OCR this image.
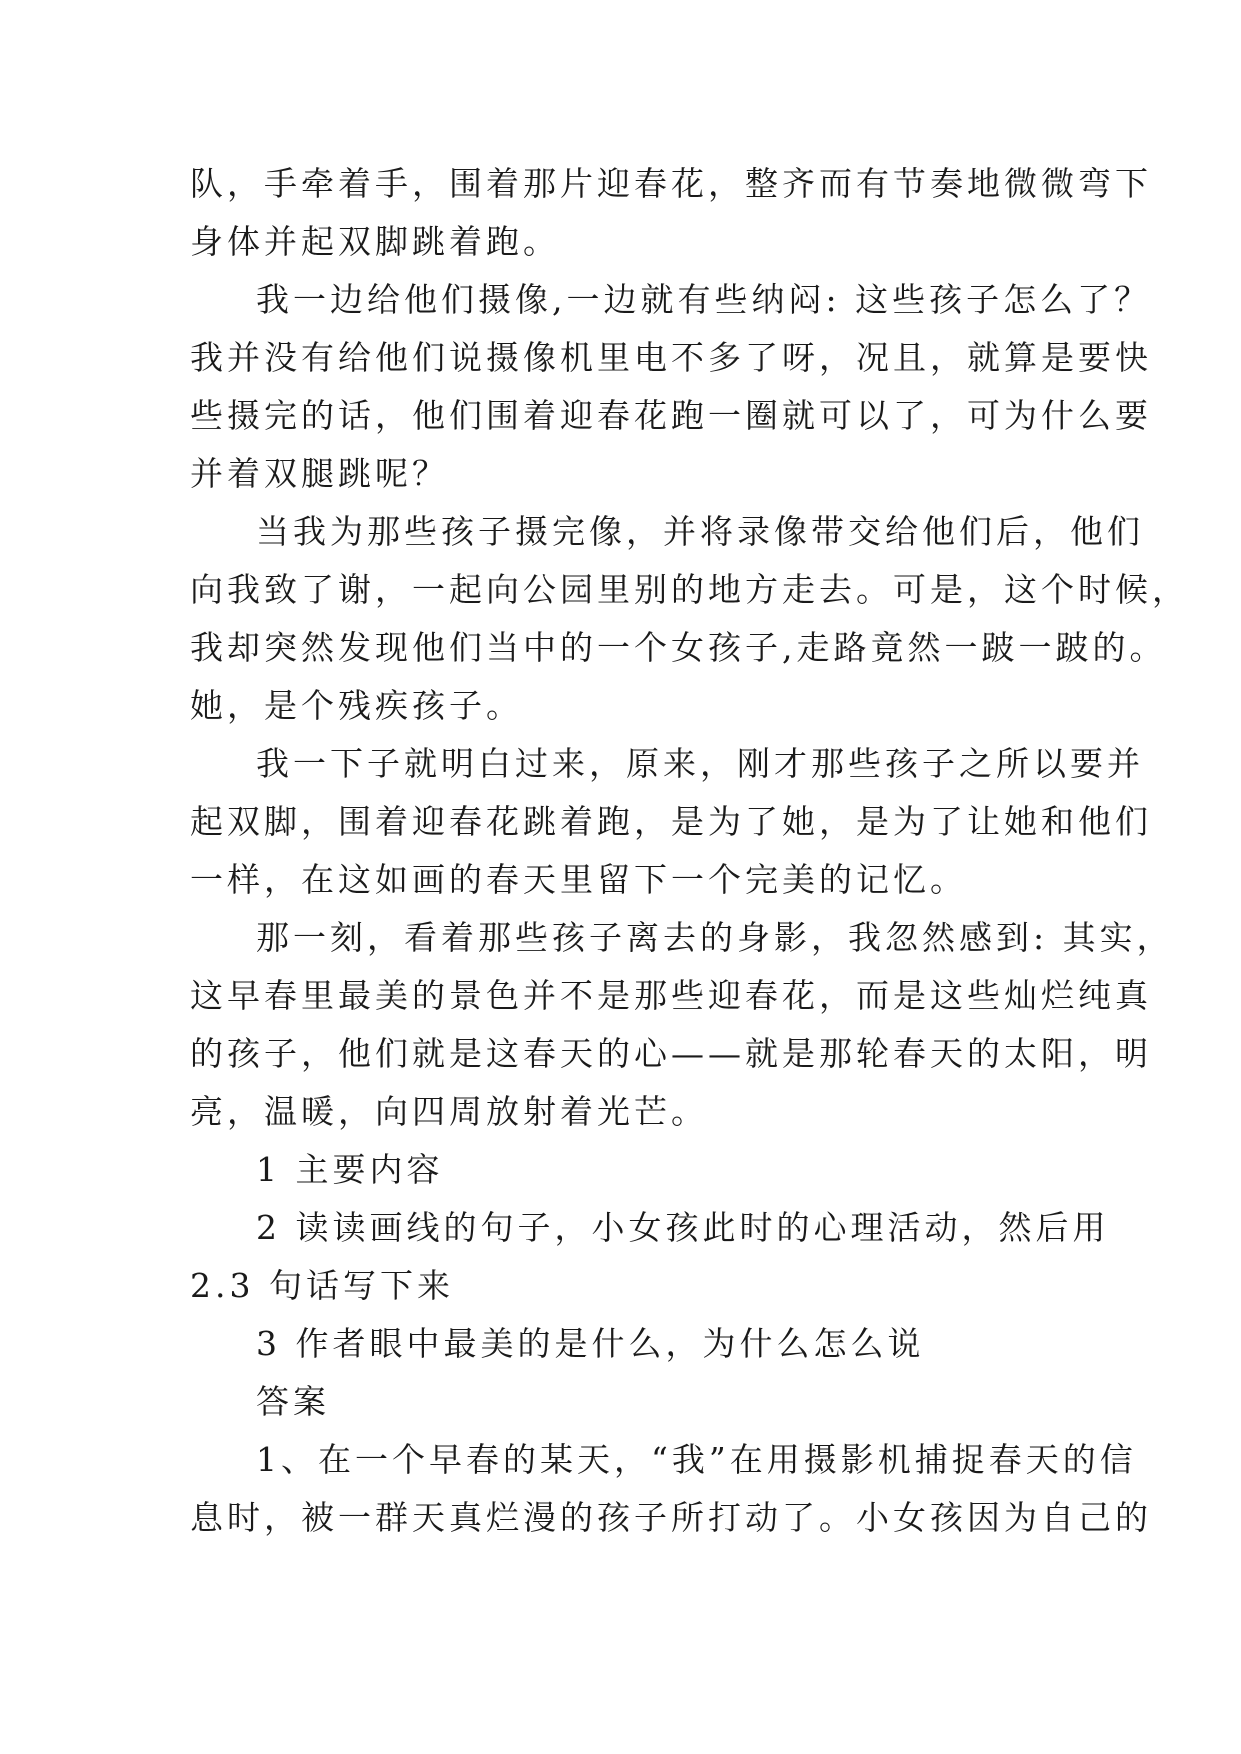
队，手牵着手，围着那片迎春花，整齐而有节奏地微微弯下
身体并起双脚跳着跑。
我一边给他们摄像,一边就有些纳闷: 这些孩子怎么了？
我并没有给他们说摄像机里电不多了呀，况且，就算是要快
些摄完的话，他们围着迎春花跑一圈就可以了，可为什么要
并着双腿跳呢？
当我为那些孩子摄完像，并将录像带交给他们后，他们
向我致了谢，一起向公园里别的地方走去。可是，这个时候，
我却突然发现他们当中的一个女孩子,走路竟然一跛一跛的。
她，是个残疾孩子。
我一下子就明白过来，原来，刚才那些孩子之所以要并
起双脚，围着迎春花跳着跑，是为了她，是为了让她和他们
一样，在这如画的春天里留下一个完美的记忆。
那一刻，看着那些孩子离去的身影，我忽然感到: 其实，
这早春里最美的景色并不是那些迎春花，而是这些灿烂纯真
的孩子，他们就是这春天的心——就是那轮春天的太阳，明
亮，温暖，向四周放射着光芒。
1 主要内容
2 读读画线的句子，小女孩此时的心理活动，然后用
2.3 句话写下来
3 作者眼中最美的是什么，为什么怎么说
答案
1、在一个早春的某天，“我”在用摄影机捕捉春天的信
息时，被一群天真烂漫的孩子所打动了。小女孩因为自己的
